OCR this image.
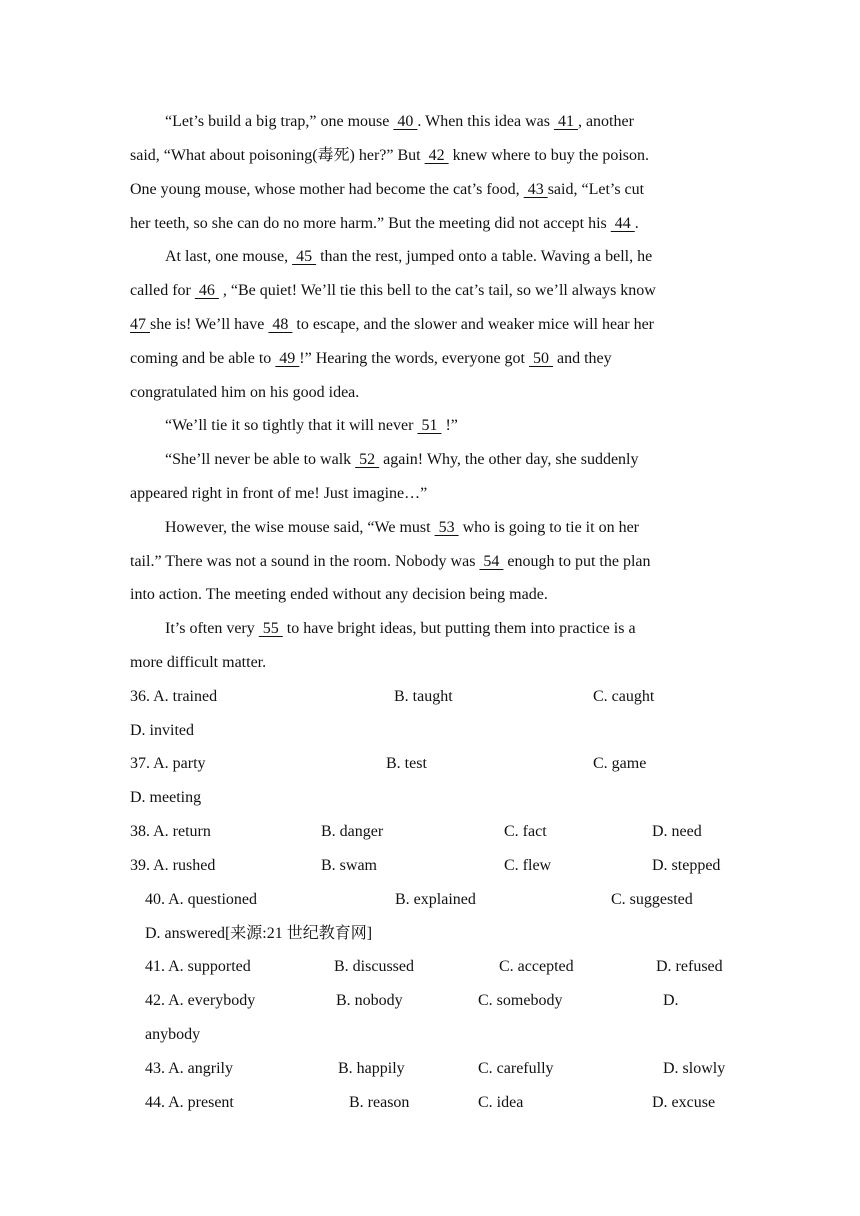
“Let’s build a big trap,” one mouse  40 . When this idea was  41 , another
said, “What about poisoning(毒死) her?” But  42  knew where to buy the poison.
One young mouse, whose mother had become the cat’s food,  43 said, “Let’s cut
her teeth, so she can do no more harm.” But the meeting did not accept his  44 .
At last, one mouse,  45  than the rest, jumped onto a table. Waving a bell, he
called for  46  , “Be quiet! We’ll tie this bell to the cat’s tail, so we’ll always know
47 she is! We’ll have  48  to escape, and the slower and weaker mice will hear her
coming and be able to  49 !” Hearing the words, everyone got  50  and they
congratulated him on his good idea.
“We’ll tie it so tightly that it will never  51  !”
“She’ll never be able to walk  52  again! Why, the other day, she suddenly
appeared right in front of me! Just imagine…”
However, the wise mouse said, “We must  53  who is going to tie it on her
tail.” There was not a sound in the room. Nobody was  54  enough to put the plan
into action. The meeting ended without any decision being made.
It’s often very  55  to have bright ideas, but putting them into practice is a
more difficult matter.
36. A. trained	B. taught	C. caught
D. invited
37. A. party	B. test	C. game
D. meeting
38. A. return	B. danger	C. fact	D. need
39. A. rushed	B. swam	C. flew	D. stepped
40. A. questioned	B. explained	C. suggested
D. answered[来源:21 世纪教育网]
41. A. supported	B. discussed	C. accepted	D. refused
42. A. everybody	B. nobody	C. somebody	D.
anybody
43. A. angrily	B. happily	C. carefully	D. slowly
44. A. present	B. reason	C. idea	D. excuse
